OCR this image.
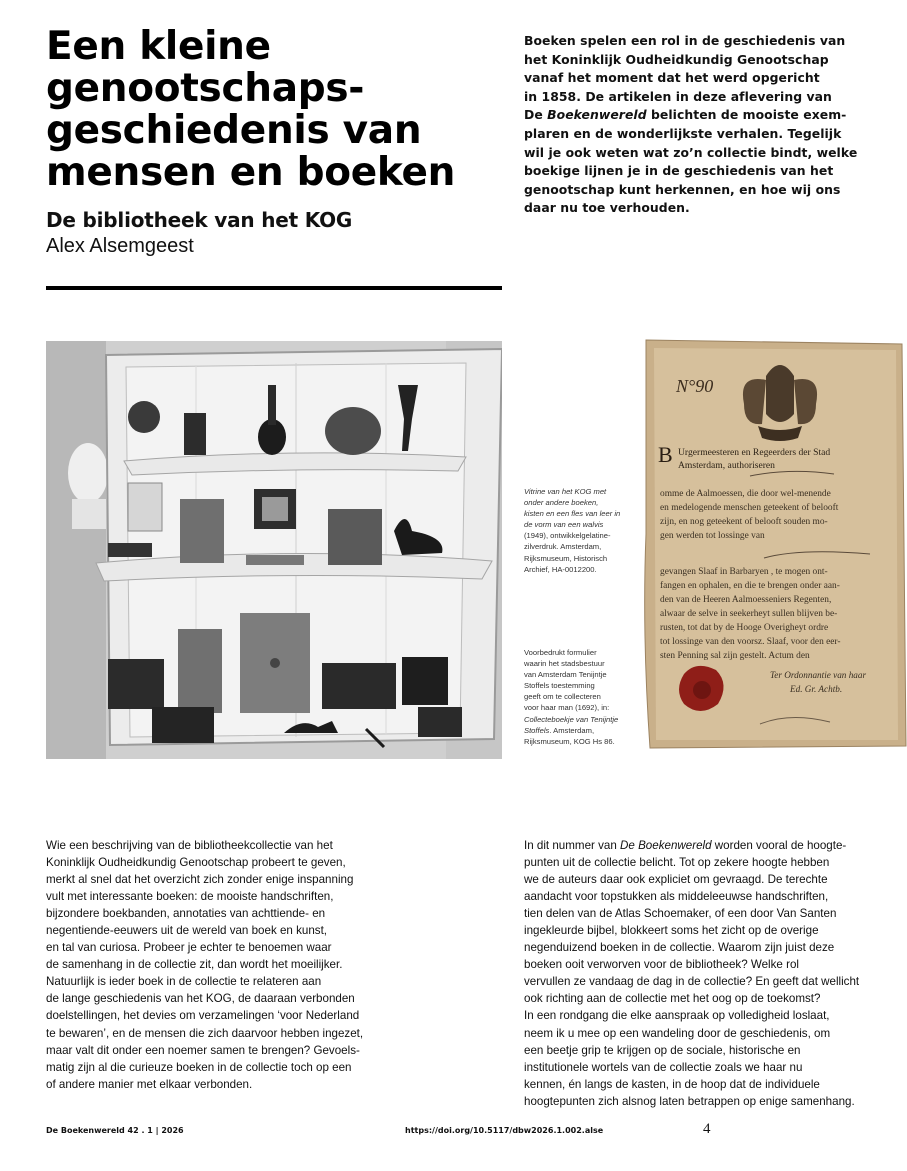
Een kleine
genootschaps-
geschiedenis van
mensen en boeken
De bibliotheek van het KOG
Alex Alsemgeest

Boeken spelen een rol in de geschiedenis van
het Koninklijk Oudheidkundig Genootschap
vanaf het moment dat het werd opgericht
in 1858. De artikelen in deze aflevering van
De Boekenwereld belichten de mooiste exem-
plaren en de wonderlijkste verhalen. Tegelijk
wil je ook weten wat zo’n collectie bindt, welke
boekige lijnen je in de geschiedenis van het
genootschap kunt herkennen, en hoe wij ons
daar nu toe verhouden.

Vitrine van het KOG met
onder andere boeken,
kisten en een fles van leer in
de vorm van een walvis
(1949), ontwikkelgelatine-
zilverdruk. Amsterdam,
Rijksmuseum, Historisch
Archief, HA-0012200.
Voorbedrukt formulier
waarin het stadsbestuur
van Amsterdam Tenijntje
Stoffels toestemming
geeft om te collecteren
voor haar man (1692), in:
Collecteboekje van Tenijntje
Stoffels. Amsterdam,
Rijksmuseum, KOG Hs 86.
N°90
B Urgermeesteren en Regeerders der Stad
Amsterdam, authoriseren
omme de Aalmoessen, die door wel-menende
en medelogende menschen geteekent of belooft
zijn, en nog geteekent of belooft souden mo-
gen werden tot lossinge van
gevangen Slaaf in Barbaryen , te mogen ont-
fangen en ophalen, en die te brengen onder aan-
den van de Heeren Aalmoesseniers Regenten,
alwaar de selve in seekerheyt sullen blijven be-
rusten, tot dat by de Hooge Overigheyt ordre
tot lossinge van den voorsz. Slaaf, voor den eer-
sten Penning sal zijn gestelt. Actum den
Ter Ordonnantie van haar
Ed. Gr. Achtb.
Wie een beschrijving van de bibliotheekcollectie van het
Koninklijk Oudheidkundig Genootschap probeert te geven,
merkt al snel dat het overzicht zich zonder enige inspanning
vult met interessante boeken: de mooiste handschriften,
bijzondere boekbanden, annotaties van achttiende- en
negentiende-eeuwers uit de wereld van boek en kunst,
en tal van curiosa. Probeer je echter te benoemen waar
de samenhang in de collectie zit, dan wordt het moeilijker.
Natuurlijk is ieder boek in de collectie te relateren aan
de lange geschiedenis van het KOG, de daaraan verbonden
doelstellingen, het devies om verzamelingen ‘voor Nederland
te bewaren’, en de mensen die zich daarvoor hebben ingezet,
maar valt dit onder een noemer samen te brengen? Gevoels-
matig zijn al die curieuze boeken in de collectie toch op een
of andere manier met elkaar verbonden.
In dit nummer van De Boekenwereld worden vooral de hoogte-
punten uit de collectie belicht. Tot op zekere hoogte hebben
we de auteurs daar ook expliciet om gevraagd. De terechte
aandacht voor topstukken als middeleeuwse handschriften,
tien delen van de Atlas Schoemaker, of een door Van Santen
ingekleurde bijbel, blokkeert soms het zicht op de overige
negenduizend boeken in de collectie. Waarom zijn juist deze
boeken ooit verworven voor de bibliotheek? Welke rol
vervullen ze vandaag de dag in de collectie? En geeft dat wellicht
ook richting aan de collectie met het oog op de toekomst?
In een rondgang die elke aanspraak op volledigheid loslaat,
neem ik u mee op een wandeling door de geschiedenis, om
een beetje grip te krijgen op de sociale, historische en
institutionele wortels van de collectie zoals we haar nu
kennen, én langs de kasten, in de hoop dat de individuele
hoogtepunten zich alsnog laten betrappen op enige samenhang.
De Boekenwereld 42 . 1 | 2026	https://doi.org/10.5117/dbw2026.1.002.alse	4
